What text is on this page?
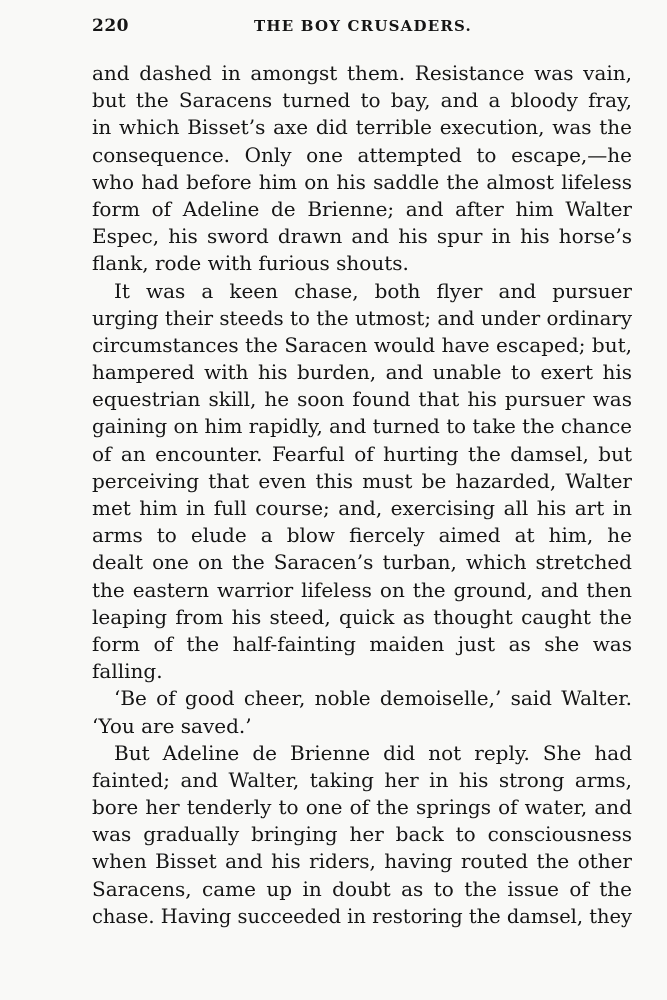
220	THE BOY CRUSADERS.
and dashed in amongst them. Resistance was vain,
but the Saracens turned to bay, and a bloody fray,
in which Bisset’s axe did terrible execution, was the
consequence. Only one attempted to escape,—he
who had before him on his saddle the almost lifeless
form of Adeline de Brienne; and after him Walter
Espec, his sword drawn and his spur in his horse’s
flank, rode with furious shouts.
It was a keen chase, both flyer and pursuer
urging their steeds to the utmost; and under ordinary
circumstances the Saracen would have escaped; but,
hampered with his burden, and unable to exert his
equestrian skill, he soon found that his pursuer was
gaining on him rapidly, and turned to take the chance
of an encounter. Fearful of hurting the damsel, but
perceiving that even this must be hazarded, Walter
met him in full course; and, exercising all his art in
arms to elude a blow fiercely aimed at him, he
dealt one on the Saracen’s turban, which stretched
the eastern warrior lifeless on the ground, and then
leaping from his steed, quick as thought caught the
form of the half-fainting maiden just as she was
falling.
‘Be of good cheer, noble demoiselle,’ said Walter.
‘You are saved.’
But Adeline de Brienne did not reply. She had
fainted; and Walter, taking her in his strong arms,
bore her tenderly to one of the springs of water, and
was gradually bringing her back to consciousness
when Bisset and his riders, having routed the other
Saracens, came up in doubt as to the issue of the
chase. Having succeeded in restoring the damsel, they
